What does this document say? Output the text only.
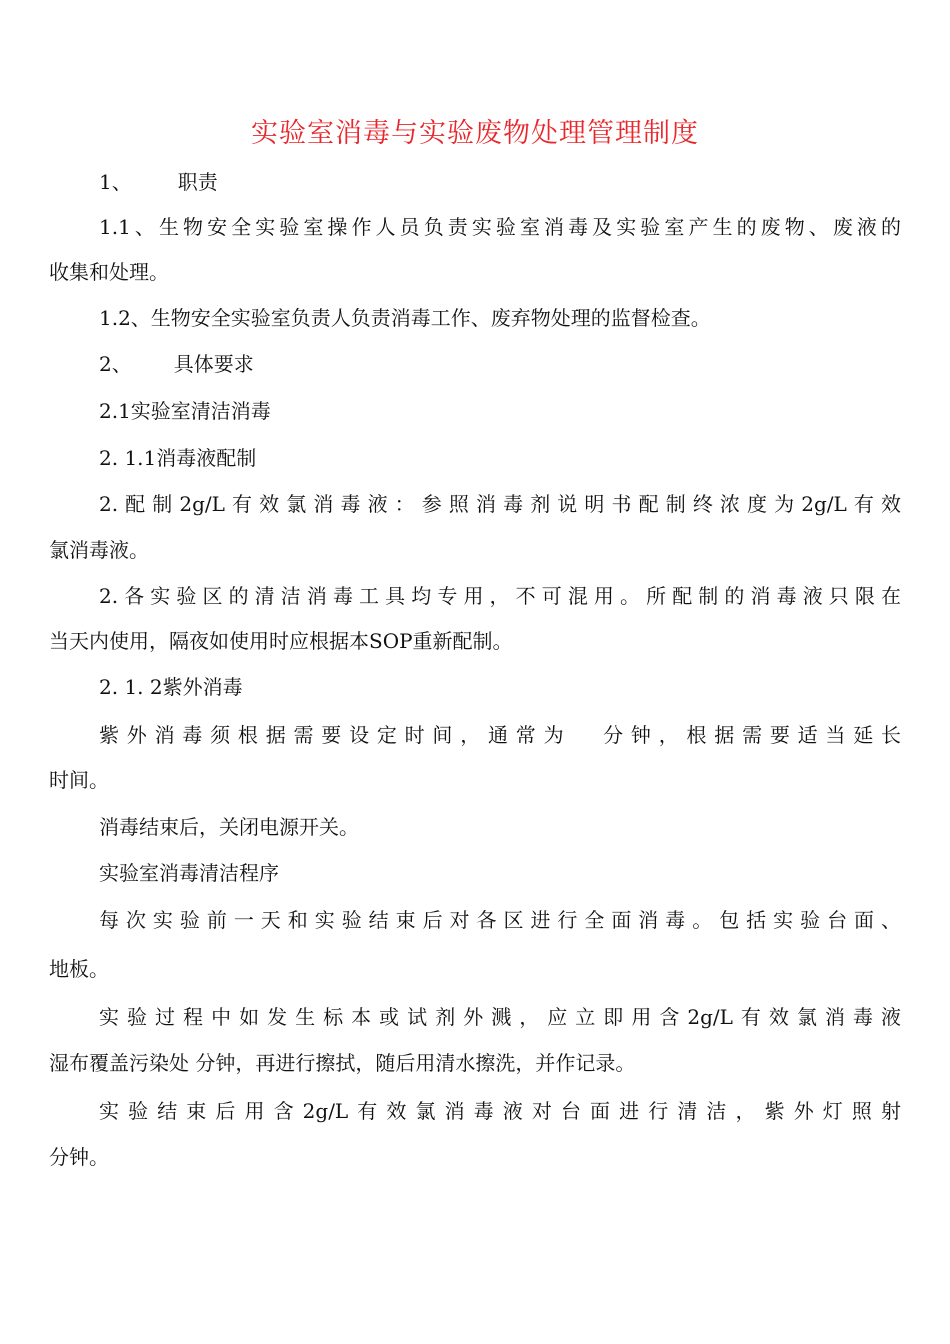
实验室消毒与实验废物处理管理制度

1、 职责

1.1、生物安全实验室操作人员负责实验室消毒及实验室产生的废物、废液的

收集和处理。

1.2、生物安全实验室负责人负责消毒工作、废弃物处理的监督检查。

2、 具体要求

2.1实验室清洁消毒

2. 1.1消毒液配制

2.配制2g/L有效氯消毒液：参照消毒剂说明书配制终浓度为2g/L有效

氯消毒液。

2.各实验区的清洁消毒工具均专用，不可混用。所配制的消毒液只限在

当天内使用，隔夜如使用时应根据本SOP重新配制。

2. 1. 2紫外消毒

紫外消毒须根据需要设定时间，通常为 分钟，根据需要适当延长

时间。

消毒结束后，关闭电源开关。

实验室消毒清洁程序

每次实验前一天和实验结束后对各区进行全面消毒。包括实验台面、

地板。

实验过程中如发生标本或试剂外溅，应立即用含2g/L有效氯消毒液

湿布覆盖污染处 分钟，再进行擦拭，随后用清水擦洗，并作记录。

实验结束后用含2g/L有效氯消毒液对台面进行清洁，紫外灯照射

分钟。
